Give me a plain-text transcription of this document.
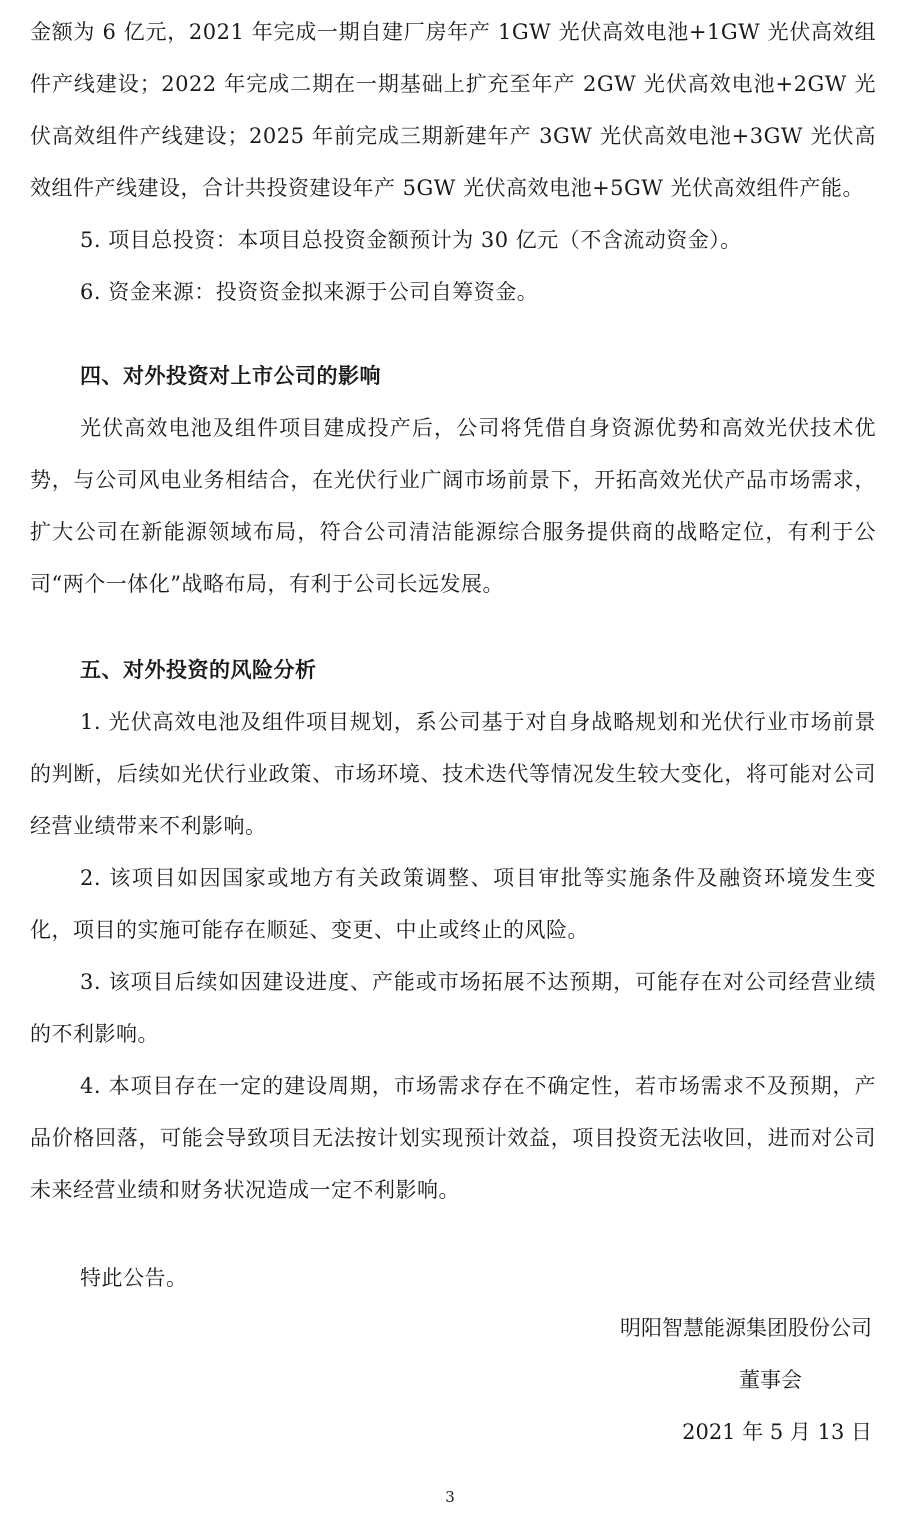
金额为 6 亿元，2021 年完成一期自建厂房年产 1GW 光伏高效电池+1GW 光伏高效组件产线建设；2022 年完成二期在一期基础上扩充至年产 2GW 光伏高效电池+2GW 光伏高效组件产线建设；2025 年前完成三期新建年产 3GW 光伏高效电池+3GW 光伏高效组件产线建设，合计共投资建设年产 5GW 光伏高效电池+5GW 光伏高效组件产能。

5. 项目总投资：本项目总投资金额预计为 30 亿元（不含流动资金）。

6. 资金来源：投资资金拟来源于公司自筹资金。

四、对外投资对上市公司的影响

光伏高效电池及组件项目建成投产后，公司将凭借自身资源优势和高效光伏技术优势，与公司风电业务相结合，在光伏行业广阔市场前景下，开拓高效光伏产品市场需求，扩大公司在新能源领域布局，符合公司清洁能源综合服务提供商的战略定位，有利于公司“两个一体化”战略布局，有利于公司长远发展。

五、对外投资的风险分析

1. 光伏高效电池及组件项目规划，系公司基于对自身战略规划和光伏行业市场前景的判断，后续如光伏行业政策、市场环境、技术迭代等情况发生较大变化，将可能对公司经营业绩带来不利影响。

2. 该项目如因国家或地方有关政策调整、项目审批等实施条件及融资环境发生变化，项目的实施可能存在顺延、变更、中止或终止的风险。

3. 该项目后续如因建设进度、产能或市场拓展不达预期，可能存在对公司经营业绩的不利影响。

4. 本项目存在一定的建设周期，市场需求存在不确定性，若市场需求不及预期，产品价格回落，可能会导致项目无法按计划实现预计效益，项目投资无法收回，进而对公司未来经营业绩和财务状况造成一定不利影响。

特此公告。

明阳智慧能源集团股份公司
董事会
2021 年 5 月 13 日
3
